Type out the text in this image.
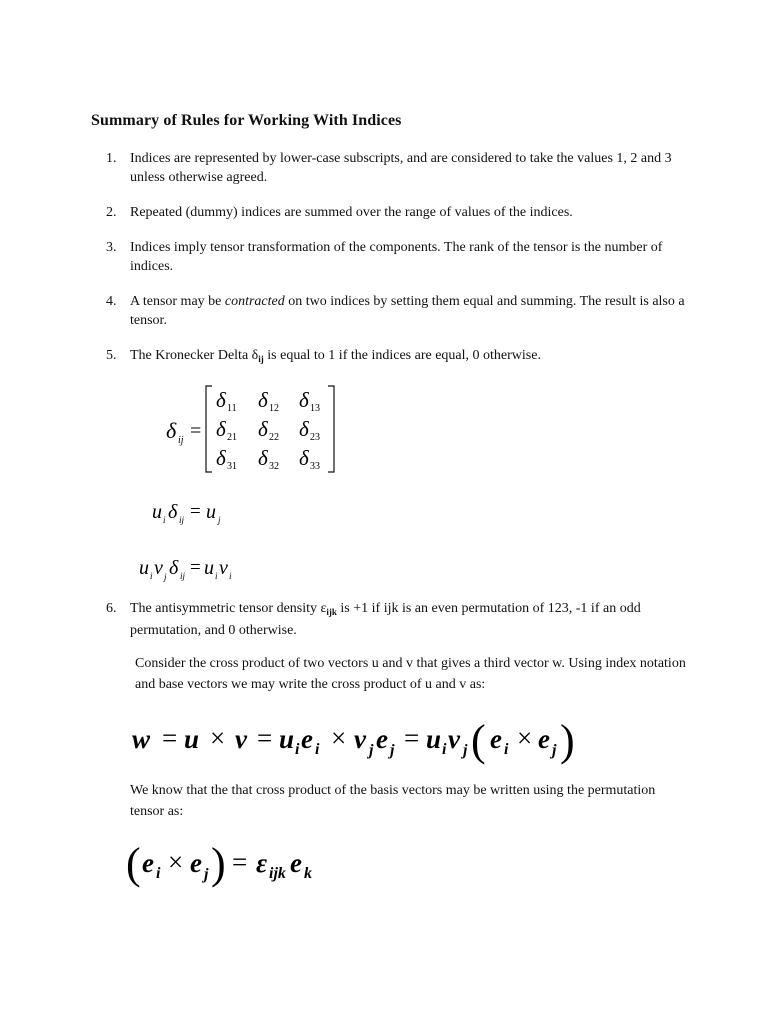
Summary of Rules for Working With Indices
1. Indices are represented by lower-case subscripts, and are considered to take the values 1, 2 and 3 unless otherwise agreed.
2. Repeated (dummy) indices are summed over the range of values of the indices.
3. Indices imply tensor transformation of the components. The rank of the tensor is the number of indices.
4. A tensor may be contracted on two indices by setting them equal and summing. The result is also a tensor.
5. The Kronecker Delta $\delta_{ij}$ is equal to 1 if the indices are equal, 0 otherwise.
δ ij =
δ 11 δ 12 δ 13
δ 21 δ 22 δ 23
δ 31 δ 32 δ 33
u i δ ij = u j
u i v j δ ij = u i v i
6. The antisymmetric tensor density $\varepsilon_{ijk}$ is +1 if ijk is an even permutation of 123, -1 if an odd permutation, and 0 otherwise.
Consider the cross product of two vectors u and v that gives a third vector w. Using index notation and base vectors we may write the cross product of u and v as:
w = u × v = u i e i × v j e j = u i v j ( e i × e j )
We know that the that cross product of the basis vectors may be written using the permutation tensor as:
( e i × e j ) = ε ijk e k
